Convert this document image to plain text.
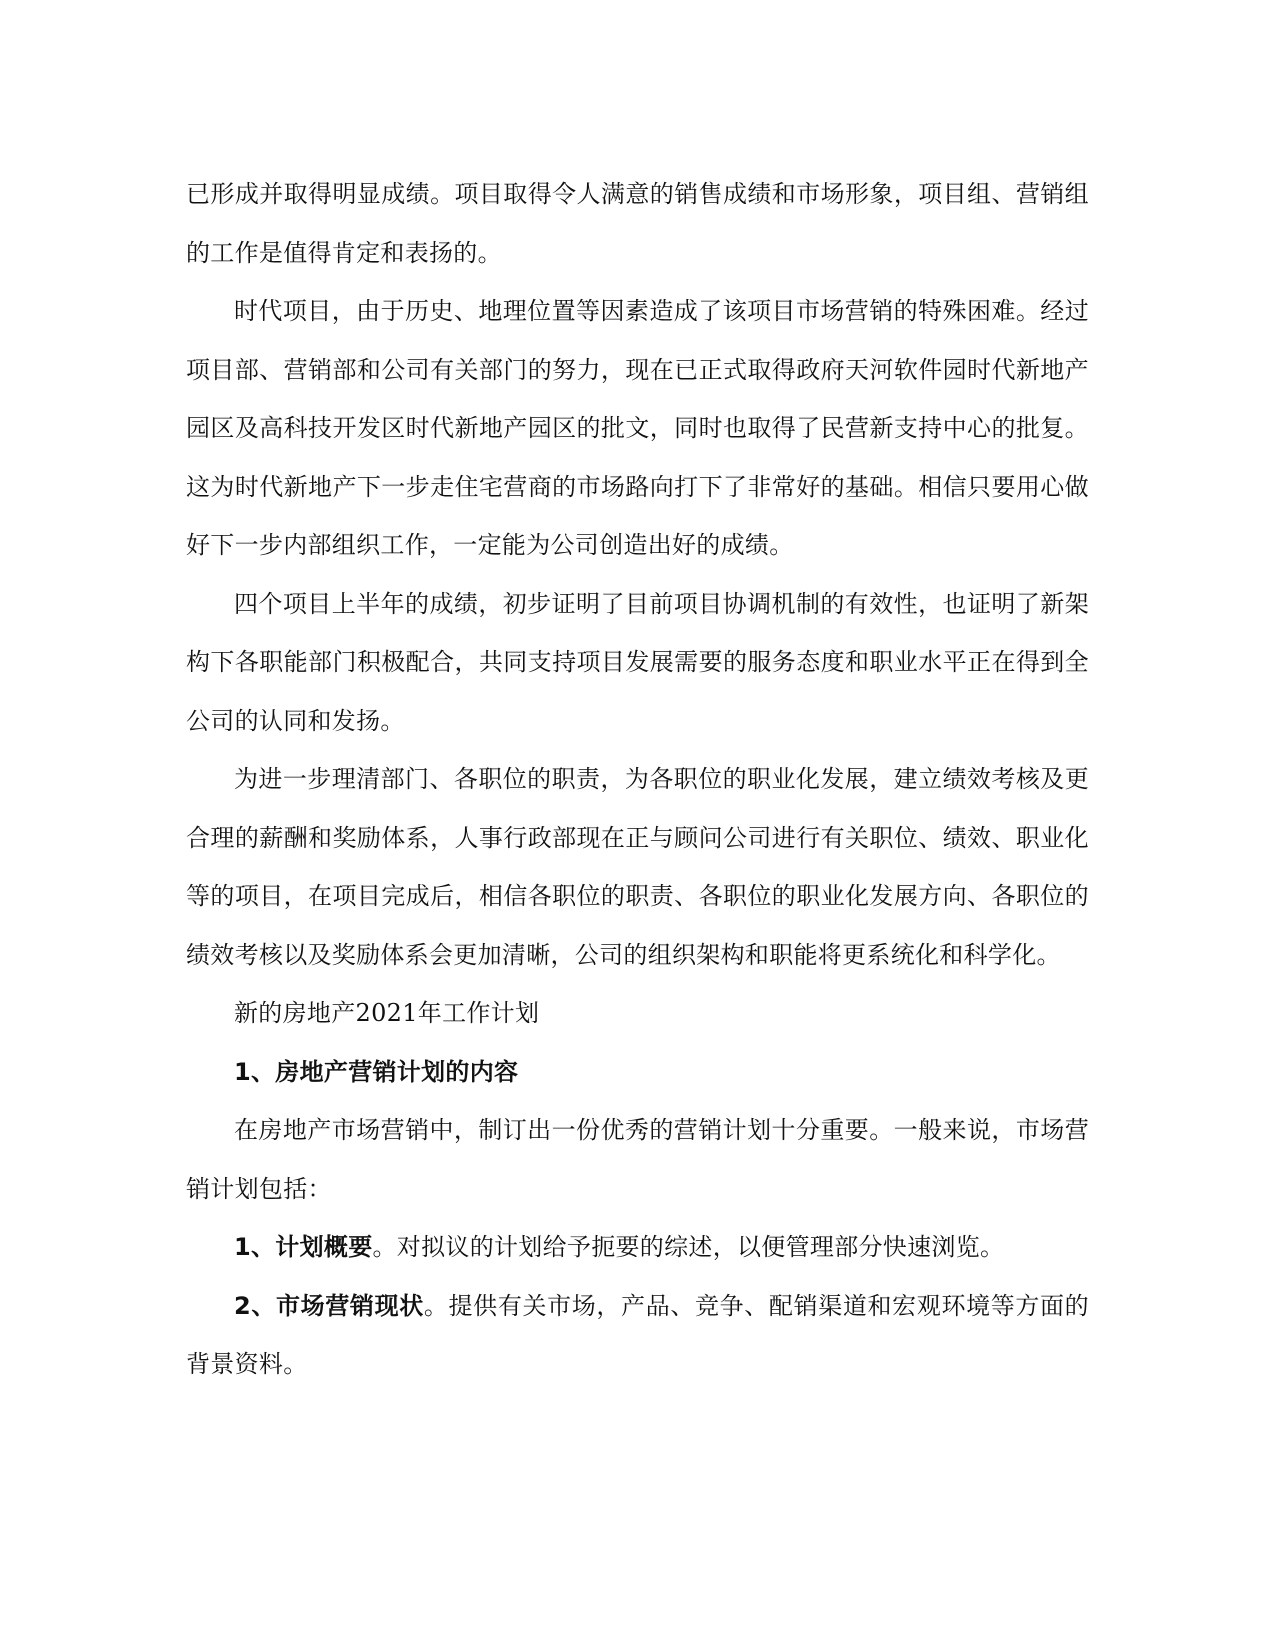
已形成并取得明显成绩。项目取得令人满意的销售成绩和市场形象，项目组、营销组的工作是值得肯定和表扬的。

时代项目，由于历史、地理位置等因素造成了该项目市场营销的特殊困难。经过项目部、营销部和公司有关部门的努力，现在已正式取得政府天河软件园时代新地产园区及高科技开发区时代新地产园区的批文，同时也取得了民营新支持中心的批复。这为时代新地产下一步走住宅营商的市场路向打下了非常好的基础。相信只要用心做好下一步内部组织工作，一定能为公司创造出好的成绩。

四个项目上半年的成绩，初步证明了目前项目协调机制的有效性，也证明了新架构下各职能部门积极配合，共同支持项目发展需要的服务态度和职业水平正在得到全公司的认同和发扬。

为进一步理清部门、各职位的职责，为各职位的职业化发展，建立绩效考核及更合理的薪酬和奖励体系，人事行政部现在正与顾问公司进行有关职位、绩效、职业化等的项目，在项目完成后，相信各职位的职责、各职位的职业化发展方向、各职位的绩效考核以及奖励体系会更加清晰，公司的组织架构和职能将更系统化和科学化。

新的房地产2021年工作计划

1、房地产营销计划的内容

在房地产市场营销中，制订出一份优秀的营销计划十分重要。一般来说，市场营销计划包括：

1、计划概要。对拟议的计划给予扼要的综述，以便管理部分快速浏览。

2、市场营销现状。提供有关市场，产品、竞争、配销渠道和宏观环境等方面的背景资料。
